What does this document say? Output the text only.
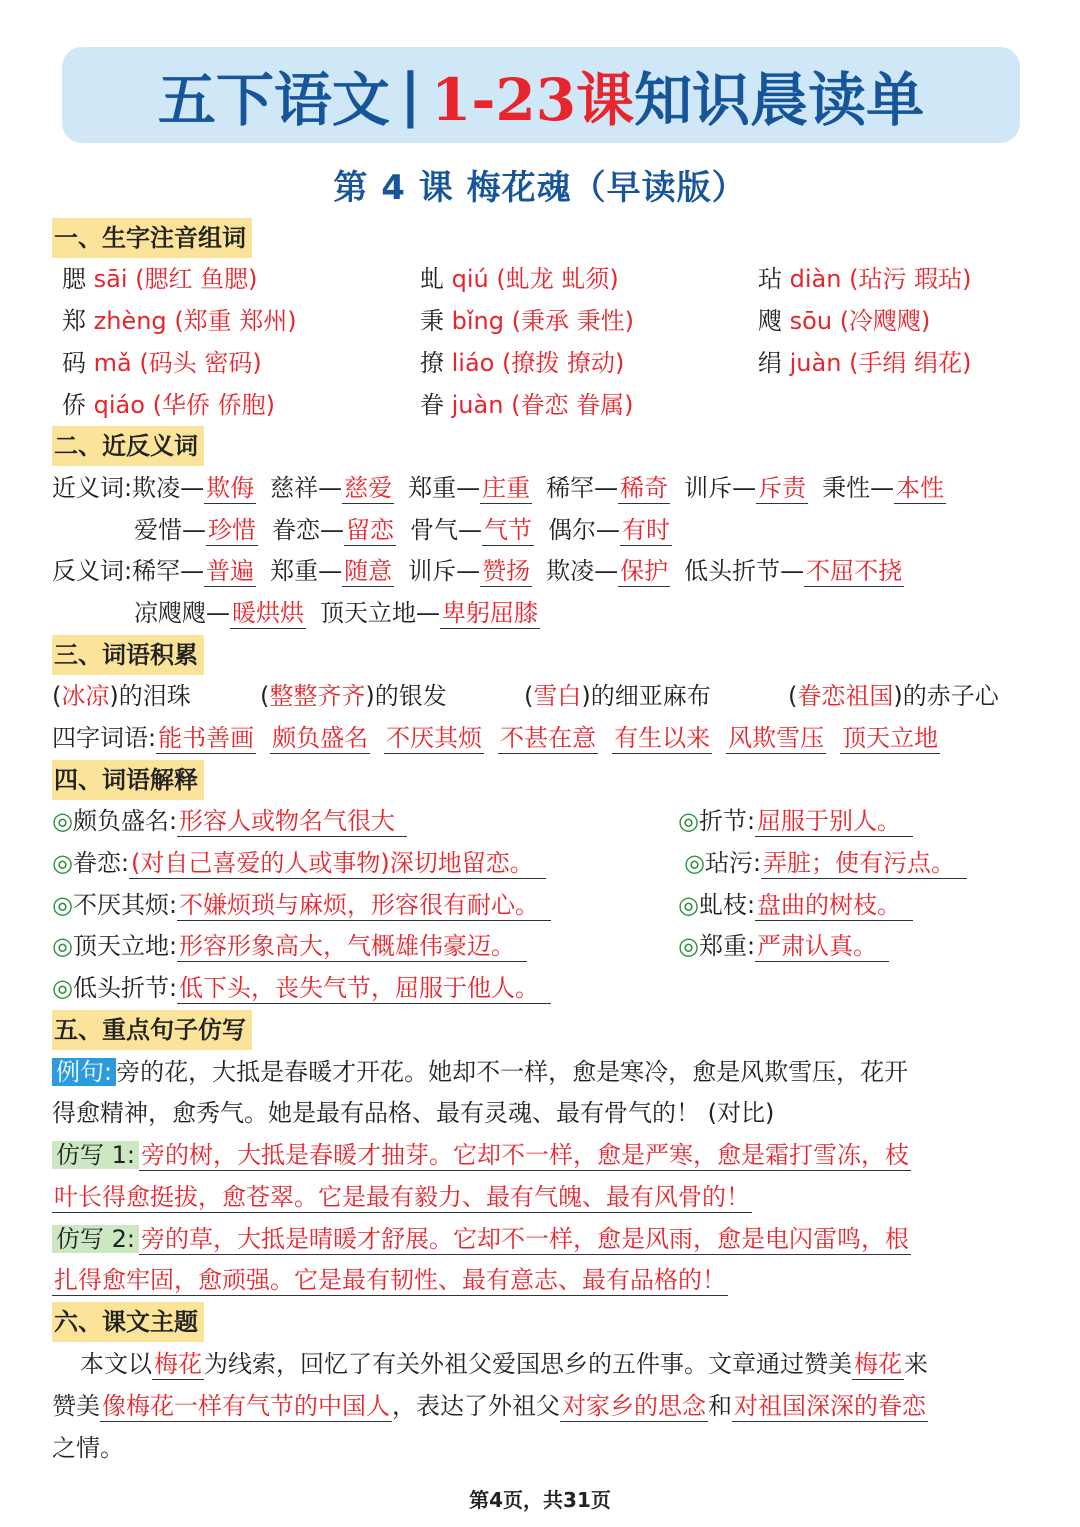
五下语文 | 1-23课 知识晨读单
第 4 课 梅花魂（早读版）
一、生字注音组词
腮 sāi (腮红 鱼腮)	虬 qiú (虬龙 虬须)	玷 diàn (玷污 瑕玷)
郑 zhèng (郑重 郑州)	秉 bǐng (秉承 秉性)	飕 sōu (冷飕飕)
码 mǎ (码头 密码)	撩 liáo (撩拨 撩动)	绢 juàn (手绢 绢花)
侨 qiáo (华侨 侨胞)	眷 juàn (眷恋 眷属)
二、近反义词
近义词:欺凌—欺侮 慈祥—慈爱 郑重—庄重 稀罕—稀奇 训斥—斥责 秉性—本性
爱惜—珍惜 眷恋—留恋 骨气—气节 偶尔—有时
反义词:稀罕—普遍 郑重—随意 训斥—赞扬 欺凌—保护 低头折节—不屈不挠
凉飕飕—暖烘烘 顶天立地—卑躬屈膝
三、词语积累
(冰凉)的泪珠	(整整齐齐)的银发	(雪白)的细亚麻布	(眷恋祖国)的赤子心
四字词语:能书善画 颇负盛名 不厌其烦 不甚在意 有生以来 风欺雪压 顶天立地
四、词语解释
◎颇负盛名:形容人或物名气很大
◎眷恋:(对自己喜爱的人或事物)深切地留恋。
◎不厌其烦:不嫌烦琐与麻烦，形容很有耐心。
◎顶天立地:形容形象高大，气概雄伟豪迈。
◎低头折节:低下头，丧失气节，屈服于他人。
◎折节:屈服于别人。
◎玷污:弄脏；使有污点。
◎虬枝:盘曲的树枝。
◎郑重:严肃认真。
五、重点句子仿写
例句: 旁的花，大抵是春暖才开花。她却不一样，愈是寒冷，愈是风欺雪压，花开
得愈精神，愈秀气。她是最有品格、最有灵魂、最有骨气的！ (对比)
仿写 1: 旁的树，大抵是春暖才抽芽。它却不一样，愈是严寒，愈是霜打雪冻，枝
叶长得愈挺拔，愈苍翠。它是最有毅力、最有气魄、最有风骨的！
仿写 2: 旁的草，大抵是晴暖才舒展。它却不一样，愈是风雨，愈是电闪雷鸣，根
扎得愈牢固，愈顽强。它是最有韧性、最有意志、最有品格的！
六、课文主题
本文以梅花为线索，回忆了有关外祖父爱国思乡的五件事。文章通过赞美梅花来
赞美像梅花一样有气节的中国人，表达了外祖父对家乡的思念和对祖国深深的眷恋
之情。
第4页，共31页
